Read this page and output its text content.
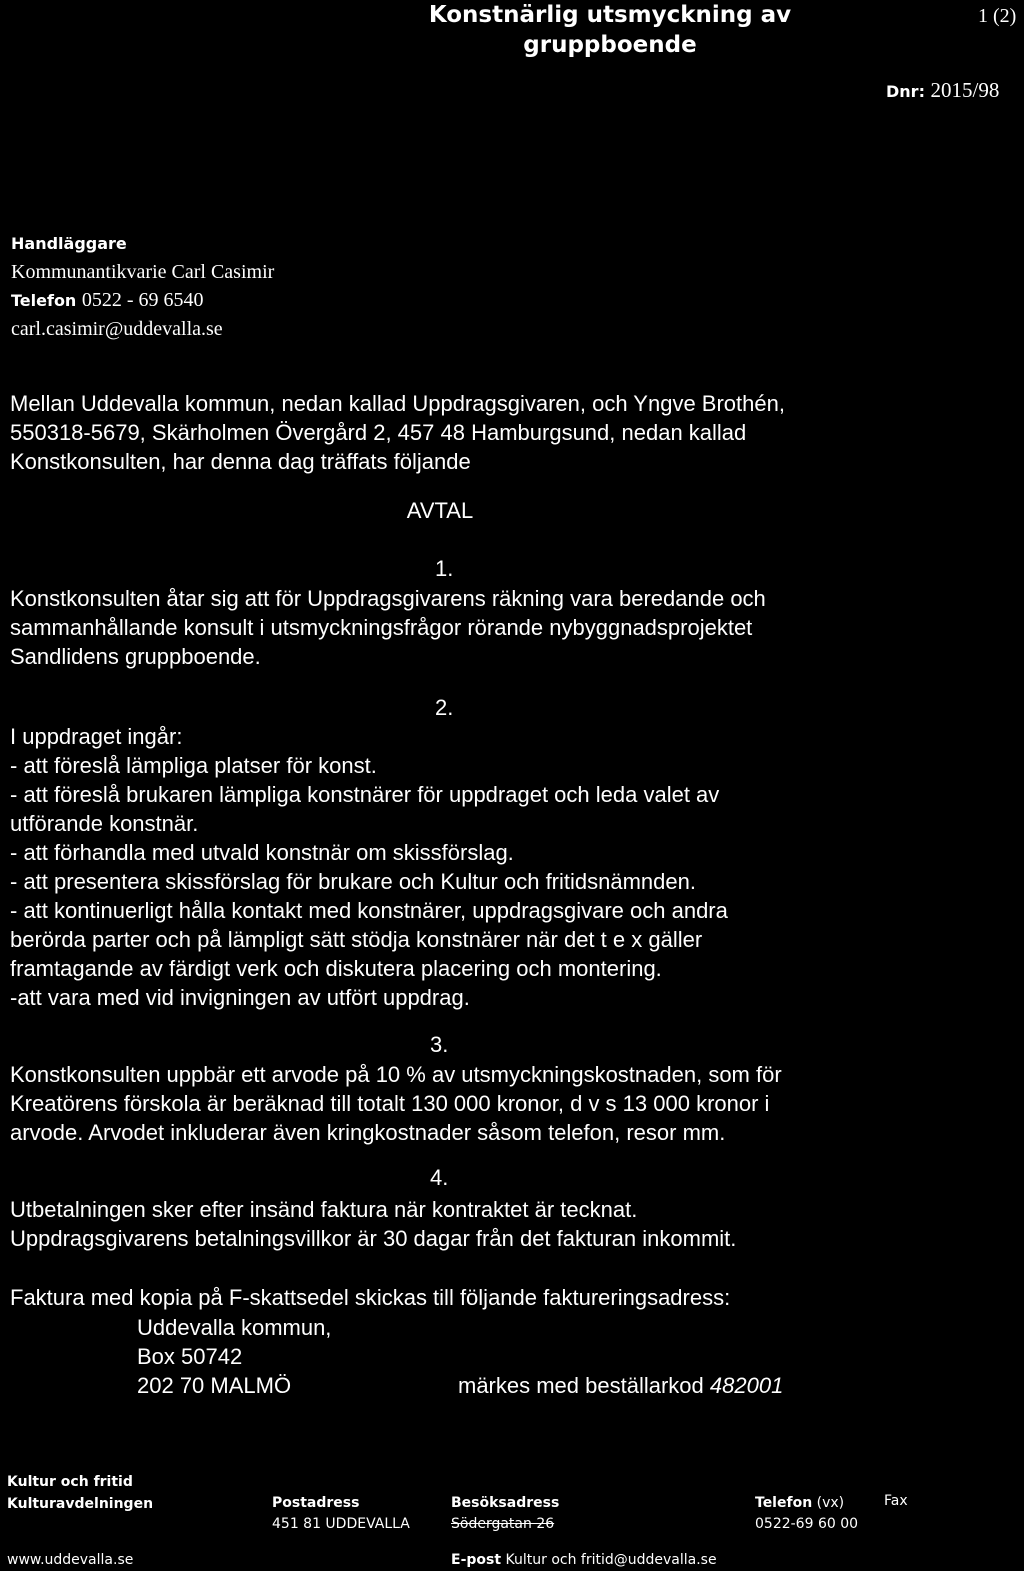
Konstnärlig utsmyckning av gruppboende
1 (2)
Dnr: 2015/98
Handläggare
Kommunantikvarie Carl Casimir
Telefon 0522 - 69 6540
carl.casimir@uddevalla.se

Mellan Uddevalla kommun, nedan kallad Uppdragsgivaren, och Yngve Brothén,

550318-5679, Skärholmen Övergård 2, 457 48 Hamburgsund, nedan kallad

Konstkonsulten, har denna dag träffats följande

AVTAL
1.

Konstkonsulten åtar sig att för Uppdragsgivarens räkning vara beredande och

sammanhållande konsult i utsmyckningsfrågor rörande nybyggnadsprojektet

Sandlidens gruppboende.

2.

I uppdraget ingår:

- att föreslå lämpliga platser för konst.

- att föreslå brukaren lämpliga konstnärer för uppdraget och leda valet av

utförande konstnär.

- att förhandla med utvald konstnär om skissförslag.

- att presentera skissförslag för brukare och Kultur och fritidsnämnden.

- att kontinuerligt hålla kontakt med konstnärer, uppdragsgivare och andra

berörda parter och på lämpligt sätt stödja konstnärer när det t e x gäller

framtagande av färdigt verk och diskutera placering och montering.

-att vara med vid invigningen av utfört uppdrag.

3.

Konstkonsulten uppbär ett arvode på 10 % av utsmyckningskostnaden, som för

Kreatörens förskola är beräknad till totalt 130 000 kronor, d v s 13 000 kronor i

arvode. Arvodet inkluderar även kringkostnader såsom telefon, resor mm.

4.

Utbetalningen sker efter insänd faktura när kontraktet är tecknat.

Uppdragsgivarens betalningsvillkor är 30 dagar från det fakturan inkommit.

Faktura med kopia på F-skattsedel skickas till följande faktureringsadress:

Uddevalla kommun,

Box 50742

202 70 MALMÖ	märkes med beställarkod 482001
Kultur och fritid
Kulturavdelningen
www.uddevalla.se
Postadress
451 81 UDDEVALLA
Besöksadress
Södergatan 26
E-post Kultur och fritid@uddevalla.se
Telefon (vx)
0522-69 60 00
Fax
